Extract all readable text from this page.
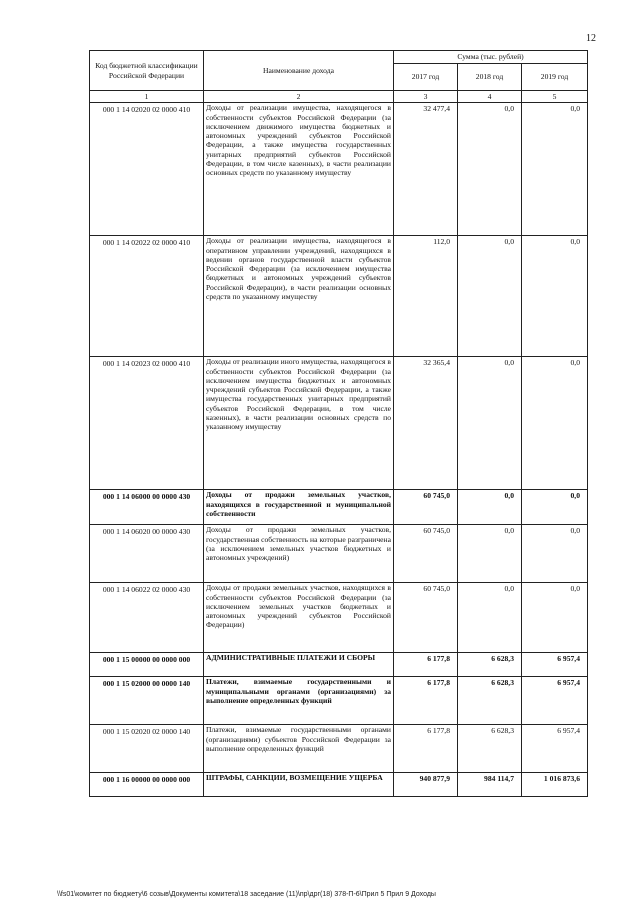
12
Код бюджетной классификации Российской Федерации	Наименование дохода	Сумма (тыс. рублей)		
		2017 год	2018 год	2019 год
1	2	3	4	5
000 1 14 02020 02 0000 410	Доходы от реализации имущества, находящегося в собственности субъектов Российской Федерации (за исключением движимого имущества бюджетных и автономных учреждений субъектов Российской Федерации, а также имущества государственных унитарных предприятий субъектов Российской Федерации, в том числе казенных), в части реализации основных средств по указанному имуществу	32 477,4	0,0	0,0
000 1 14 02022 02 0000 410	Доходы от реализации имущества, находящегося в оперативном управлении учреждений, находящихся в ведении органов государственной власти субъектов Российской Федерации (за исключением имущества бюджетных и автономных учреждений субъектов Российской Федерации), в части реализации основных средств по указанному имуществу	112,0	0,0	0,0
000 1 14 02023 02 0000 410	Доходы от реализации иного имущества, находящегося в собственности субъектов Российской Федерации (за исключением имущества бюджетных и автономных учреждений субъектов Российской Федерации, а также имущества государственных унитарных предприятий субъектов Российской Федерации, в том числе казенных), в части реализации основных средств по указанному имуществу	32 365,4	0,0	0,0
000 1 14 06000 00 0000 430	Доходы от продажи земельных участков, находящихся в государственной и муниципальной собственности	60 745,0	0,0	0,0
000 1 14 06020 00 0000 430	Доходы от продажи земельных участков, государственная собственность на которые разграничена (за исключением земельных участков бюджетных и автономных учреждений)	60 745,0	0,0	0,0
000 1 14 06022 02 0000 430	Доходы от продажи земельных участков, находящихся в собственности субъектов Российской Федерации (за исключением земельных участков бюджетных и автономных учреждений субъектов Российской Федерации)	60 745,0	0,0	0,0
000 1 15 00000 00 0000 000	АДМИНИСТРАТИВНЫЕ ПЛАТЕЖИ И СБОРЫ	6 177,8	6 628,3	6 957,4
000 1 15 02000 00 0000 140	Платежи, взимаемые государственными и муниципальными органами (организациями) за выполнение определенных функций	6 177,8	6 628,3	6 957,4
000 1 15 02020 02 0000 140	Платежи, взимаемые государственными органами (организациями) субъектов Российской Федерации за выполнение определенных функций	6 177,8	6 628,3	6 957,4
000 1 16 00000 00 0000 000	ШТРАФЫ, САНКЦИИ, ВОЗМЕЩЕНИЕ УЩЕРБА	940 877,9	984 114,7	1 016 873,6
\\fs01\комитет по бюджету\6 созыв\Документы комитета\18 заседание (11)\пр\дрг(18) 378-П-6\Прил 5 Прил 9 Доходы
